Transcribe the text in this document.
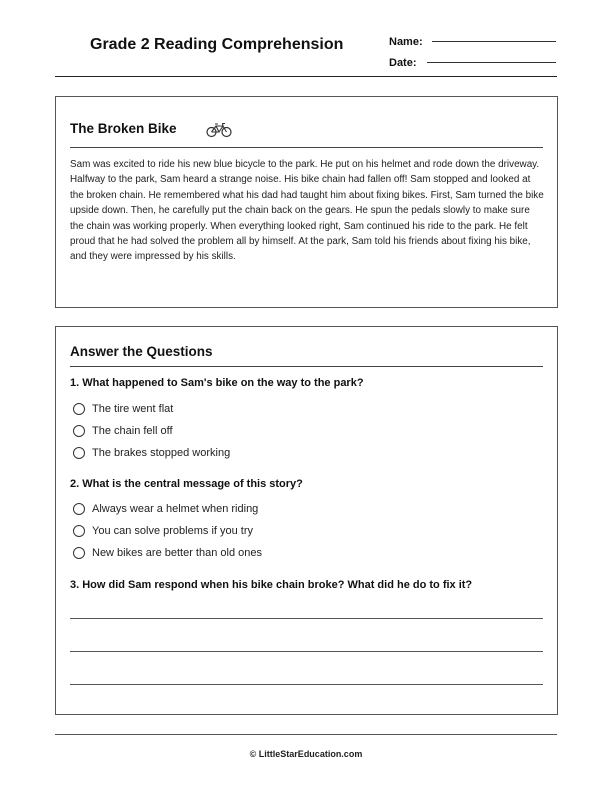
Grade 2 Reading Comprehension	Name:
Date:
The Broken Bike
Sam was excited to ride his new blue bicycle to the park. He put on his helmet and rode down the driveway. Halfway to the park, Sam heard a strange noise. His bike chain had fallen off! Sam stopped and looked at the broken chain. He remembered what his dad had taught him about fixing bikes. First, Sam turned the bike upside down. Then, he carefully put the chain back on the gears. He spun the pedals slowly to make sure the chain was working properly. When everything looked right, Sam continued his ride to the park. He felt proud that he had solved the problem all by himself. At the park, Sam told his friends about fixing his bike, and they were impressed by his skills.
Answer the Questions
1. What happened to Sam's bike on the way to the park?
The tire went flat
The chain fell off
The brakes stopped working
2. What is the central message of this story?
Always wear a helmet when riding
You can solve problems if you try
New bikes are better than old ones
3. How did Sam respond when his bike chain broke? What did he do to fix it?
© LittleStarEducation.com
